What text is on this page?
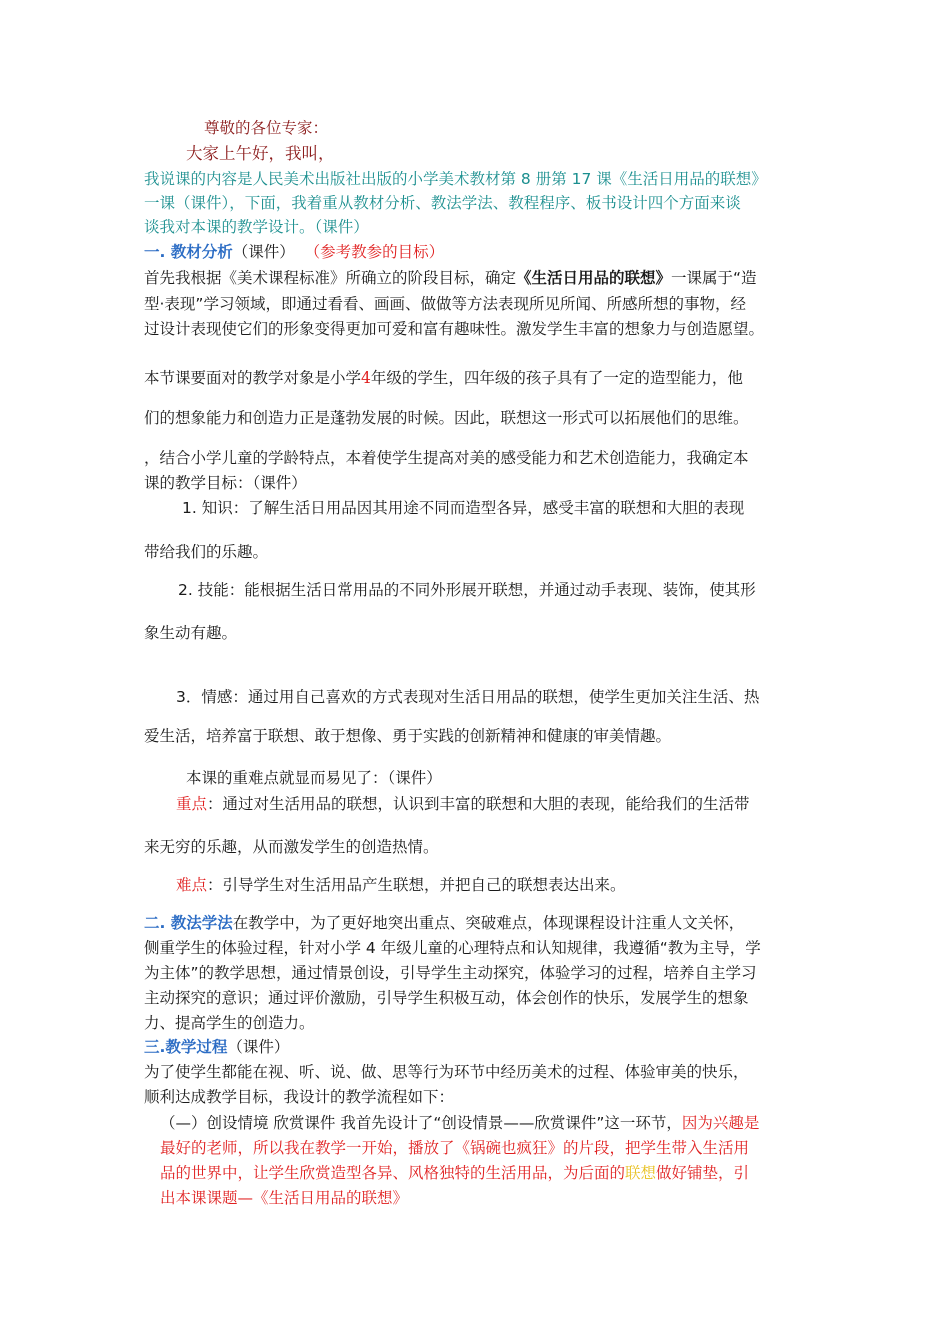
尊敬的各位专家：
大家上午好，我叫，
我说课的内容是人民美术出版社出版的小学美术教材第 8 册第 17 课《生活日用品的联想》
一课（课件），下面，我着重从教材分析、教法学法、教程程序、板书设计四个方面来谈
谈我对本课的教学设计。（课件）
一. 教材分析（课件） （参考教参的目标）
首先我根据《美术课程标准》所确立的阶段目标，确定《生活日用品的联想》一课属于“造
型·表现”学习领域，即通过看看、画画、做做等方法表现所见所闻、所感所想的事物，经
过设计表现使它们的形象变得更加可爱和富有趣味性。激发学生丰富的想象力与创造愿望。
本节课要面对的教学对象是小学4年级的学生，四年级的孩子具有了一定的造型能力，他
们的想象能力和创造力正是蓬勃发展的时候。因此，联想这一形式可以拓展他们的思维。
，结合小学儿童的学龄特点，本着使学生提高对美的感受能力和艺术创造能力，我确定本
课的教学目标：（课件）
1. 知识：了解生活日用品因其用途不同而造型各异，感受丰富的联想和大胆的表现
带给我们的乐趣。
2. 技能：能根据生活日常用品的不同外形展开联想，并通过动手表现、装饰，使其形
象生动有趣。
3．情感：通过用自己喜欢的方式表现对生活日用品的联想，使学生更加关注生活、热
爱生活，培养富于联想、敢于想像、勇于实践的创新精神和健康的审美情趣。
本课的重难点就显而易见了：（课件）
重点：通过对生活用品的联想，认识到丰富的联想和大胆的表现，能给我们的生活带
来无穷的乐趣，从而激发学生的创造热情。
难点：引导学生对生活用品产生联想，并把自己的联想表达出来。
二. 教法学法在教学中，为了更好地突出重点、突破难点，体现课程设计注重人文关怀，
侧重学生的体验过程，针对小学 4 年级儿童的心理特点和认知规律，我遵循“教为主导，学
为主体”的教学思想，通过情景创设，引导学生主动探究，体验学习的过程，培养自主学习
主动探究的意识；通过评价激励，引导学生积极互动，体会创作的快乐，发展学生的想象
力、提高学生的创造力。
三.教学过程（课件）
为了使学生都能在视、听、说、做、思等行为环节中经历美术的过程、体验审美的快乐，
顺利达成教学目标，我设计的教学流程如下：
（—）创设情境 欣赏课件 我首先设计了“创设情景——欣赏课件”这一环节，因为兴趣是
最好的老师，所以我在教学一开始，播放了《锅碗也疯狂》的片段，把学生带入生活用
品的世界中，让学生欣赏造型各异、风格独特的生活用品，为后面的联想做好铺垫，引
出本课课题—《生活日用品的联想》
